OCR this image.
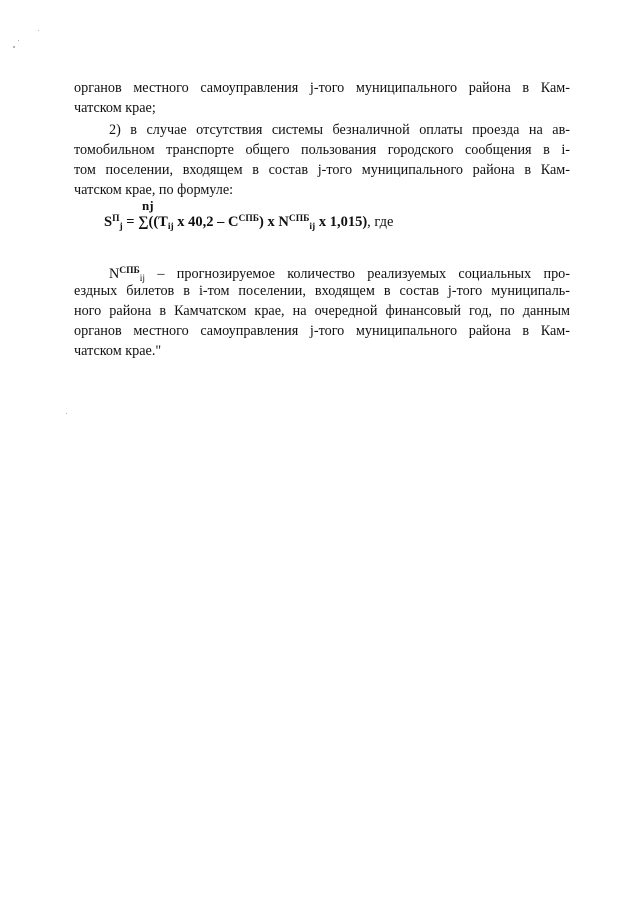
органов местного самоуправления j-того муниципального района в Кам-
чатском крае;
2) в случае отсутствия системы безналичной оплаты проезда на ав-
томобильном транспорте общего пользования городского сообщения в i-
том поселении, входящем в состав j-того муниципального района в Кам-
чатском крае, по формуле:
nj
$S^П_j = \sum((T_{ij}$ x $40,2 - C^{СПБ}$) x $N^{СПБ}_{ij}$ x 1,015), где
$N^{СПБ}_{ij}$ – прогнозируемое количество реализуемых социальных про-
ездных билетов в i-том поселении, входящем в состав j-того муниципаль-
ного района в Камчатском крае, на очередной финансовый год, по данным
органов местного самоуправления j-того муниципального района в Кам-
чатском крае."
